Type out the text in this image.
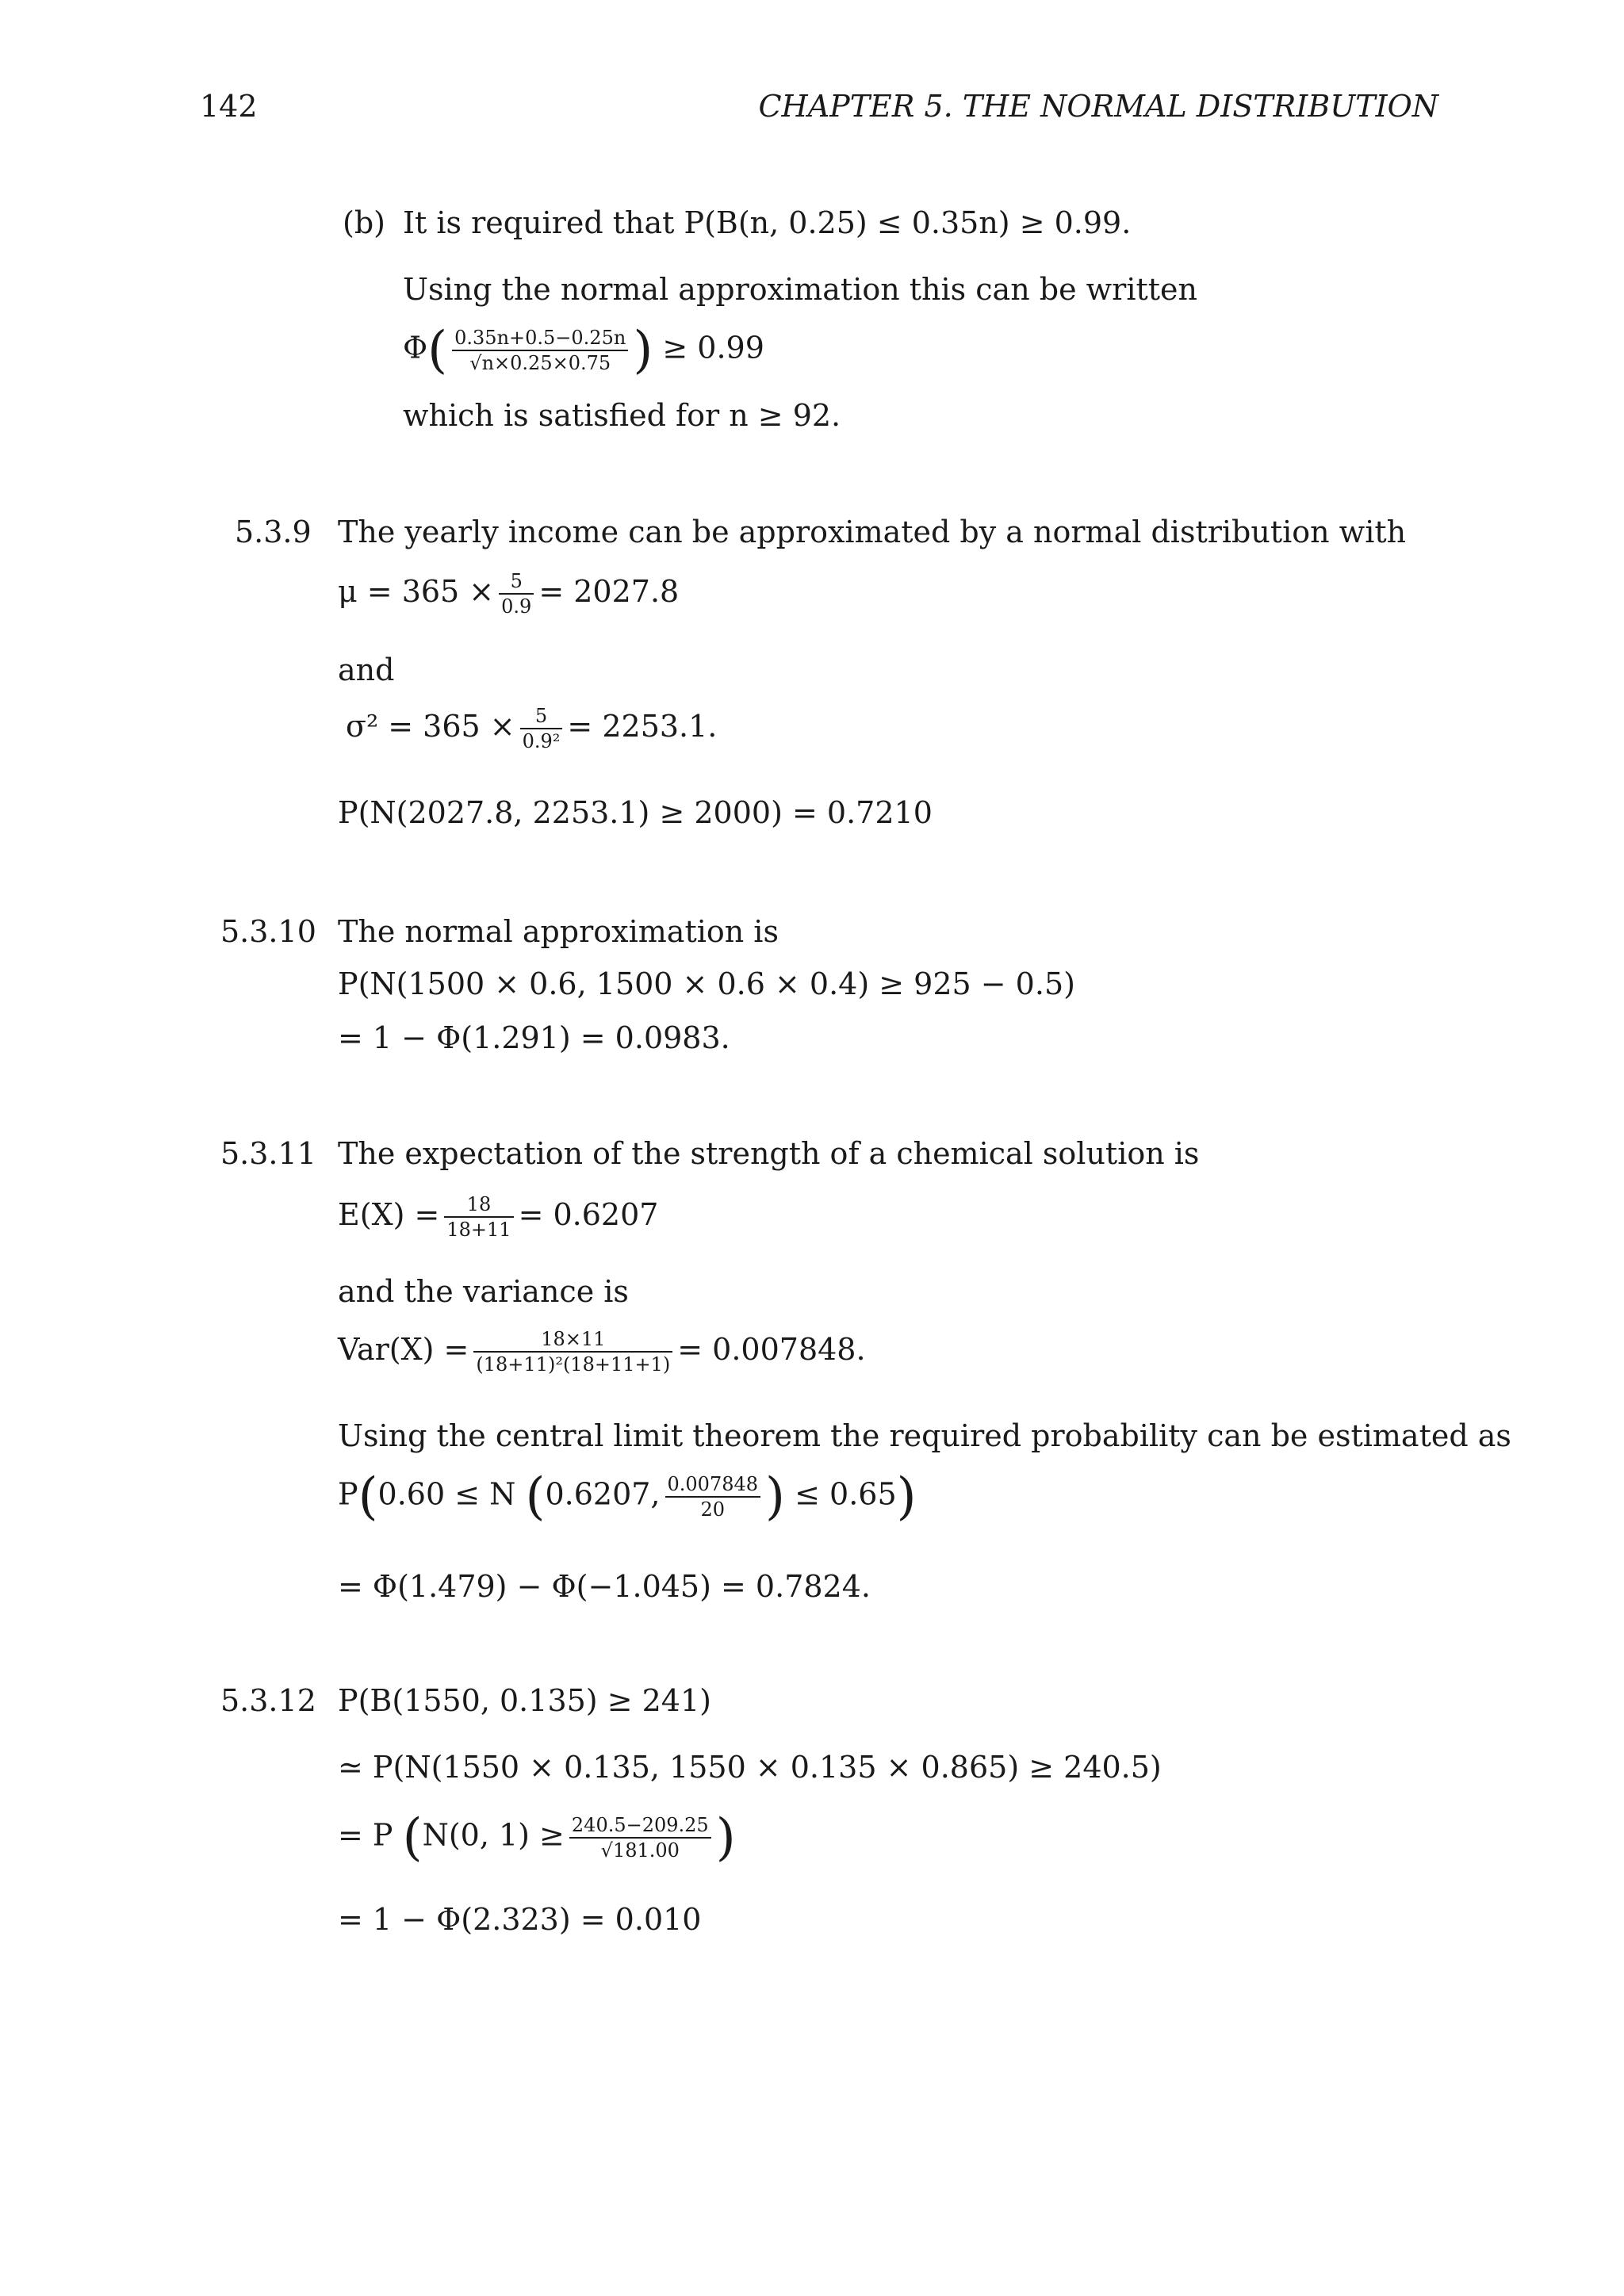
142	CHAPTER 5. THE NORMAL DISTRIBUTION
(b) It is required that P(B(n, 0.25) ≤ 0.35n) ≥ 0.99.
Using the normal approximation this can be written
$\Phi( \frac{0.35n+0.5-0.25n}{√n\times 0.25\times 0.75}$ ) ≥ 0.99
which is satisfied for n ≥ 92.
5.3.9 The yearly income can be approximated by a normal distribution with
$\mu = 365 \times \frac{5}{0.9} = 2027.8$
and
$\sigma^2 = 365 \times \frac{5}{\text{0.9²}} = 2253.1$.
P(N(2027.8, 2253.1) ≥ 2000) = 0.7210
5.3.10 The normal approximation is
P(N(1500 × 0.6, 1500 × 0.6 × 0.4) ≥ 925 − 0.5)
= 1 − Φ(1.291) = 0.0983.
5.3.11 The expectation of the strength of a chemical solution is
$E(X) = \frac{18}{18+11} = 0.6207$
and the variance is
$Var(X) = \frac{18\times 11}{\text{(18+11)²(18+11+1)}} = 0.007848$.
Using the central limit theorem the required probability can be estimated as
P(0.60 ≤ N (0.6207, $\frac{0.007848}{20}$ ) ≤ 0.65)
= Φ(1.479) − Φ(−1.045) = 0.7824.
5.3.12 P(B(1550, 0.135) ≥ 241)
≃ P(N(1550 × 0.135, 1550 × 0.135 × 0.865) ≥ 240.5)
= P (N(0, $1) \ge \frac{240.5-209.25}{√181.00}$ )
= 1 − Φ(2.323) = 0.010
